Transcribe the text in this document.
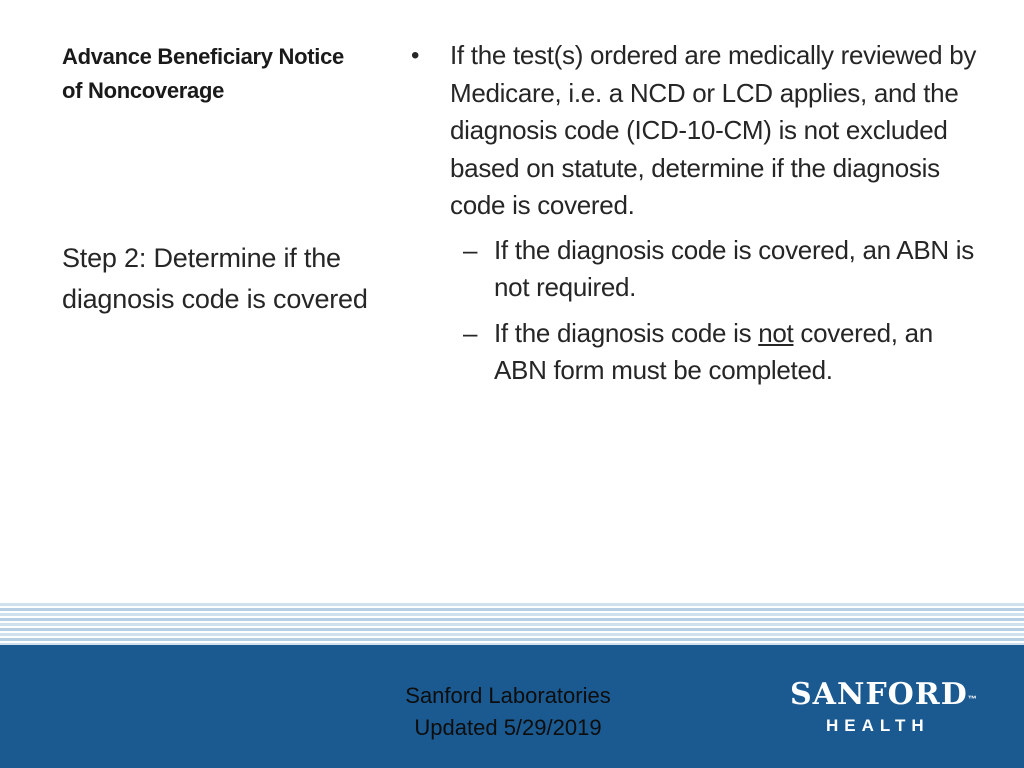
Advance Beneficiary Notice of Noncoverage
Step 2: Determine if the diagnosis code is covered
• If the test(s) ordered are medically reviewed by Medicare, i.e. a NCD or LCD applies, and the diagnosis code (ICD-10-CM) is not excluded based on statute, determine if the diagnosis code is covered.
– If the diagnosis code is covered, an ABN is not required.
– If the diagnosis code is not covered, an ABN form must be completed.
Sanford Laboratories
Updated 5/29/2019
SANFORD™
HEALTH
